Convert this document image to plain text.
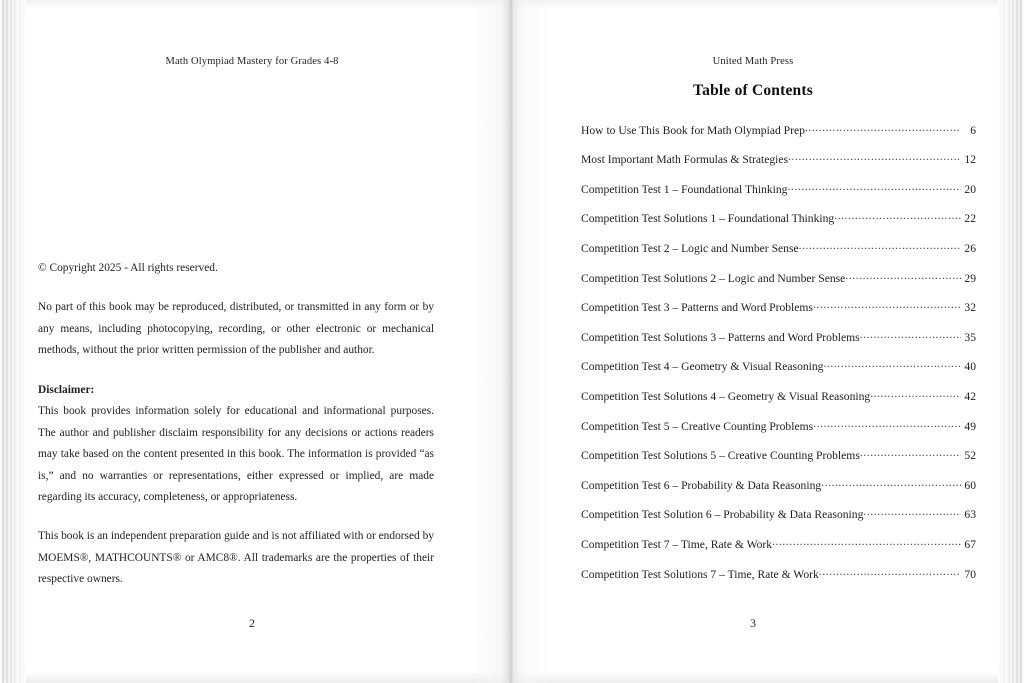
Math Olympiad Mastery for Grades 4-8

© Copyright 2025 - All rights reserved.

No part of this book may be reproduced, distributed, or transmitted in any form or by any means, including photocopying, recording, or other electronic or mechanical methods, without the prior written permission of the publisher and author.

Disclaimer:

This book provides information solely for educational and informational purposes. The author and publisher disclaim responsibility for any decisions or actions readers may take based on the content presented in this book. The information is provided “as is,” and no warranties or representations, either expressed or implied, are made regarding its accuracy, completeness, or appropriateness.

This book is an independent preparation guide and is not affiliated with or endorsed by MOEMS®, MATHCOUNTS® or AMC8®. All trademarks are the properties of their respective owners.

2
United Math Press
Table of Contents
How to Use This Book for Math Olympiad Prep .....	6
Most Important Math Formulas & Strategies .....	12
Competition Test 1 – Foundational Thinking .....	20
Competition Test Solutions 1 – Foundational Thinking .....	22
Competition Test 2 – Logic and Number Sense .....	26
Competition Test Solutions 2 – Logic and Number Sense .....	29
Competition Test 3 – Patterns and Word Problems .....	32
Competition Test Solutions 3 – Patterns and Word Problems .....	35
Competition Test 4 – Geometry & Visual Reasoning .....	40
Competition Test Solutions 4 – Geometry & Visual Reasoning .....	42
Competition Test 5 – Creative Counting Problems .....	49
Competition Test Solutions 5 – Creative Counting Problems .....	52
Competition Test 6 – Probability & Data Reasoning .....	60
Competition Test Solution 6 – Probability & Data Reasoning .....	63
Competition Test 7 – Time, Rate & Work .....	67
Competition Test Solutions 7 – Time, Rate & Work .....	70
3
